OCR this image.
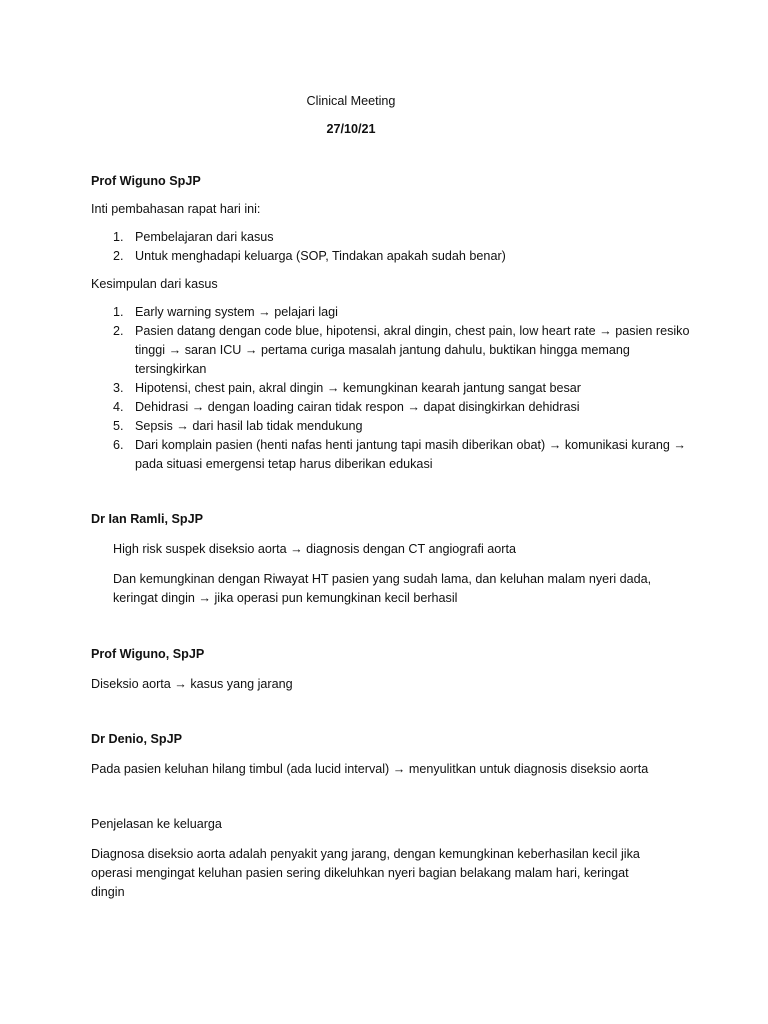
Clinical Meeting

27/10/21

Prof Wiguno SpJP

Inti pembahasan rapat hari ini:

1. Pembelajaran dari kasus
2. Untuk menghadapi keluarga (SOP, Tindakan apakah sudah benar)

Kesimpulan dari kasus

1. Early warning system → pelajari lagi
2. Pasien datang dengan code blue, hipotensi, akral dingin, chest pain, low heart rate → pasien resiko tinggi → saran ICU → pertama curiga masalah jantung dahulu, buktikan hingga memang tersingkirkan
3. Hipotensi, chest pain, akral dingin → kemungkinan kearah jantung sangat besar
4. Dehidrasi → dengan loading cairan tidak respon → dapat disingkirkan dehidrasi
5. Sepsis → dari hasil lab tidak mendukung
6. Dari komplain pasien (henti nafas henti jantung tapi masih diberikan obat) → komunikasi kurang → pada situasi emergensi tetap harus diberikan edukasi

Dr Ian Ramli, SpJP

High risk suspek diseksio aorta → diagnosis dengan CT angiografi aorta

Dan kemungkinan dengan Riwayat HT pasien yang sudah lama, dan keluhan malam nyeri dada, keringat dingin → jika operasi pun kemungkinan kecil berhasil

Prof Wiguno, SpJP

Diseksio aorta → kasus yang jarang

Dr Denio, SpJP

Pada pasien keluhan hilang timbul (ada lucid interval) → menyulitkan untuk diagnosis diseksio aorta

Penjelasan ke keluarga

Diagnosa diseksio aorta adalah penyakit yang jarang, dengan kemungkinan keberhasilan kecil jika operasi mengingat keluhan pasien sering dikeluhkan nyeri bagian belakang malam hari, keringat dingin
